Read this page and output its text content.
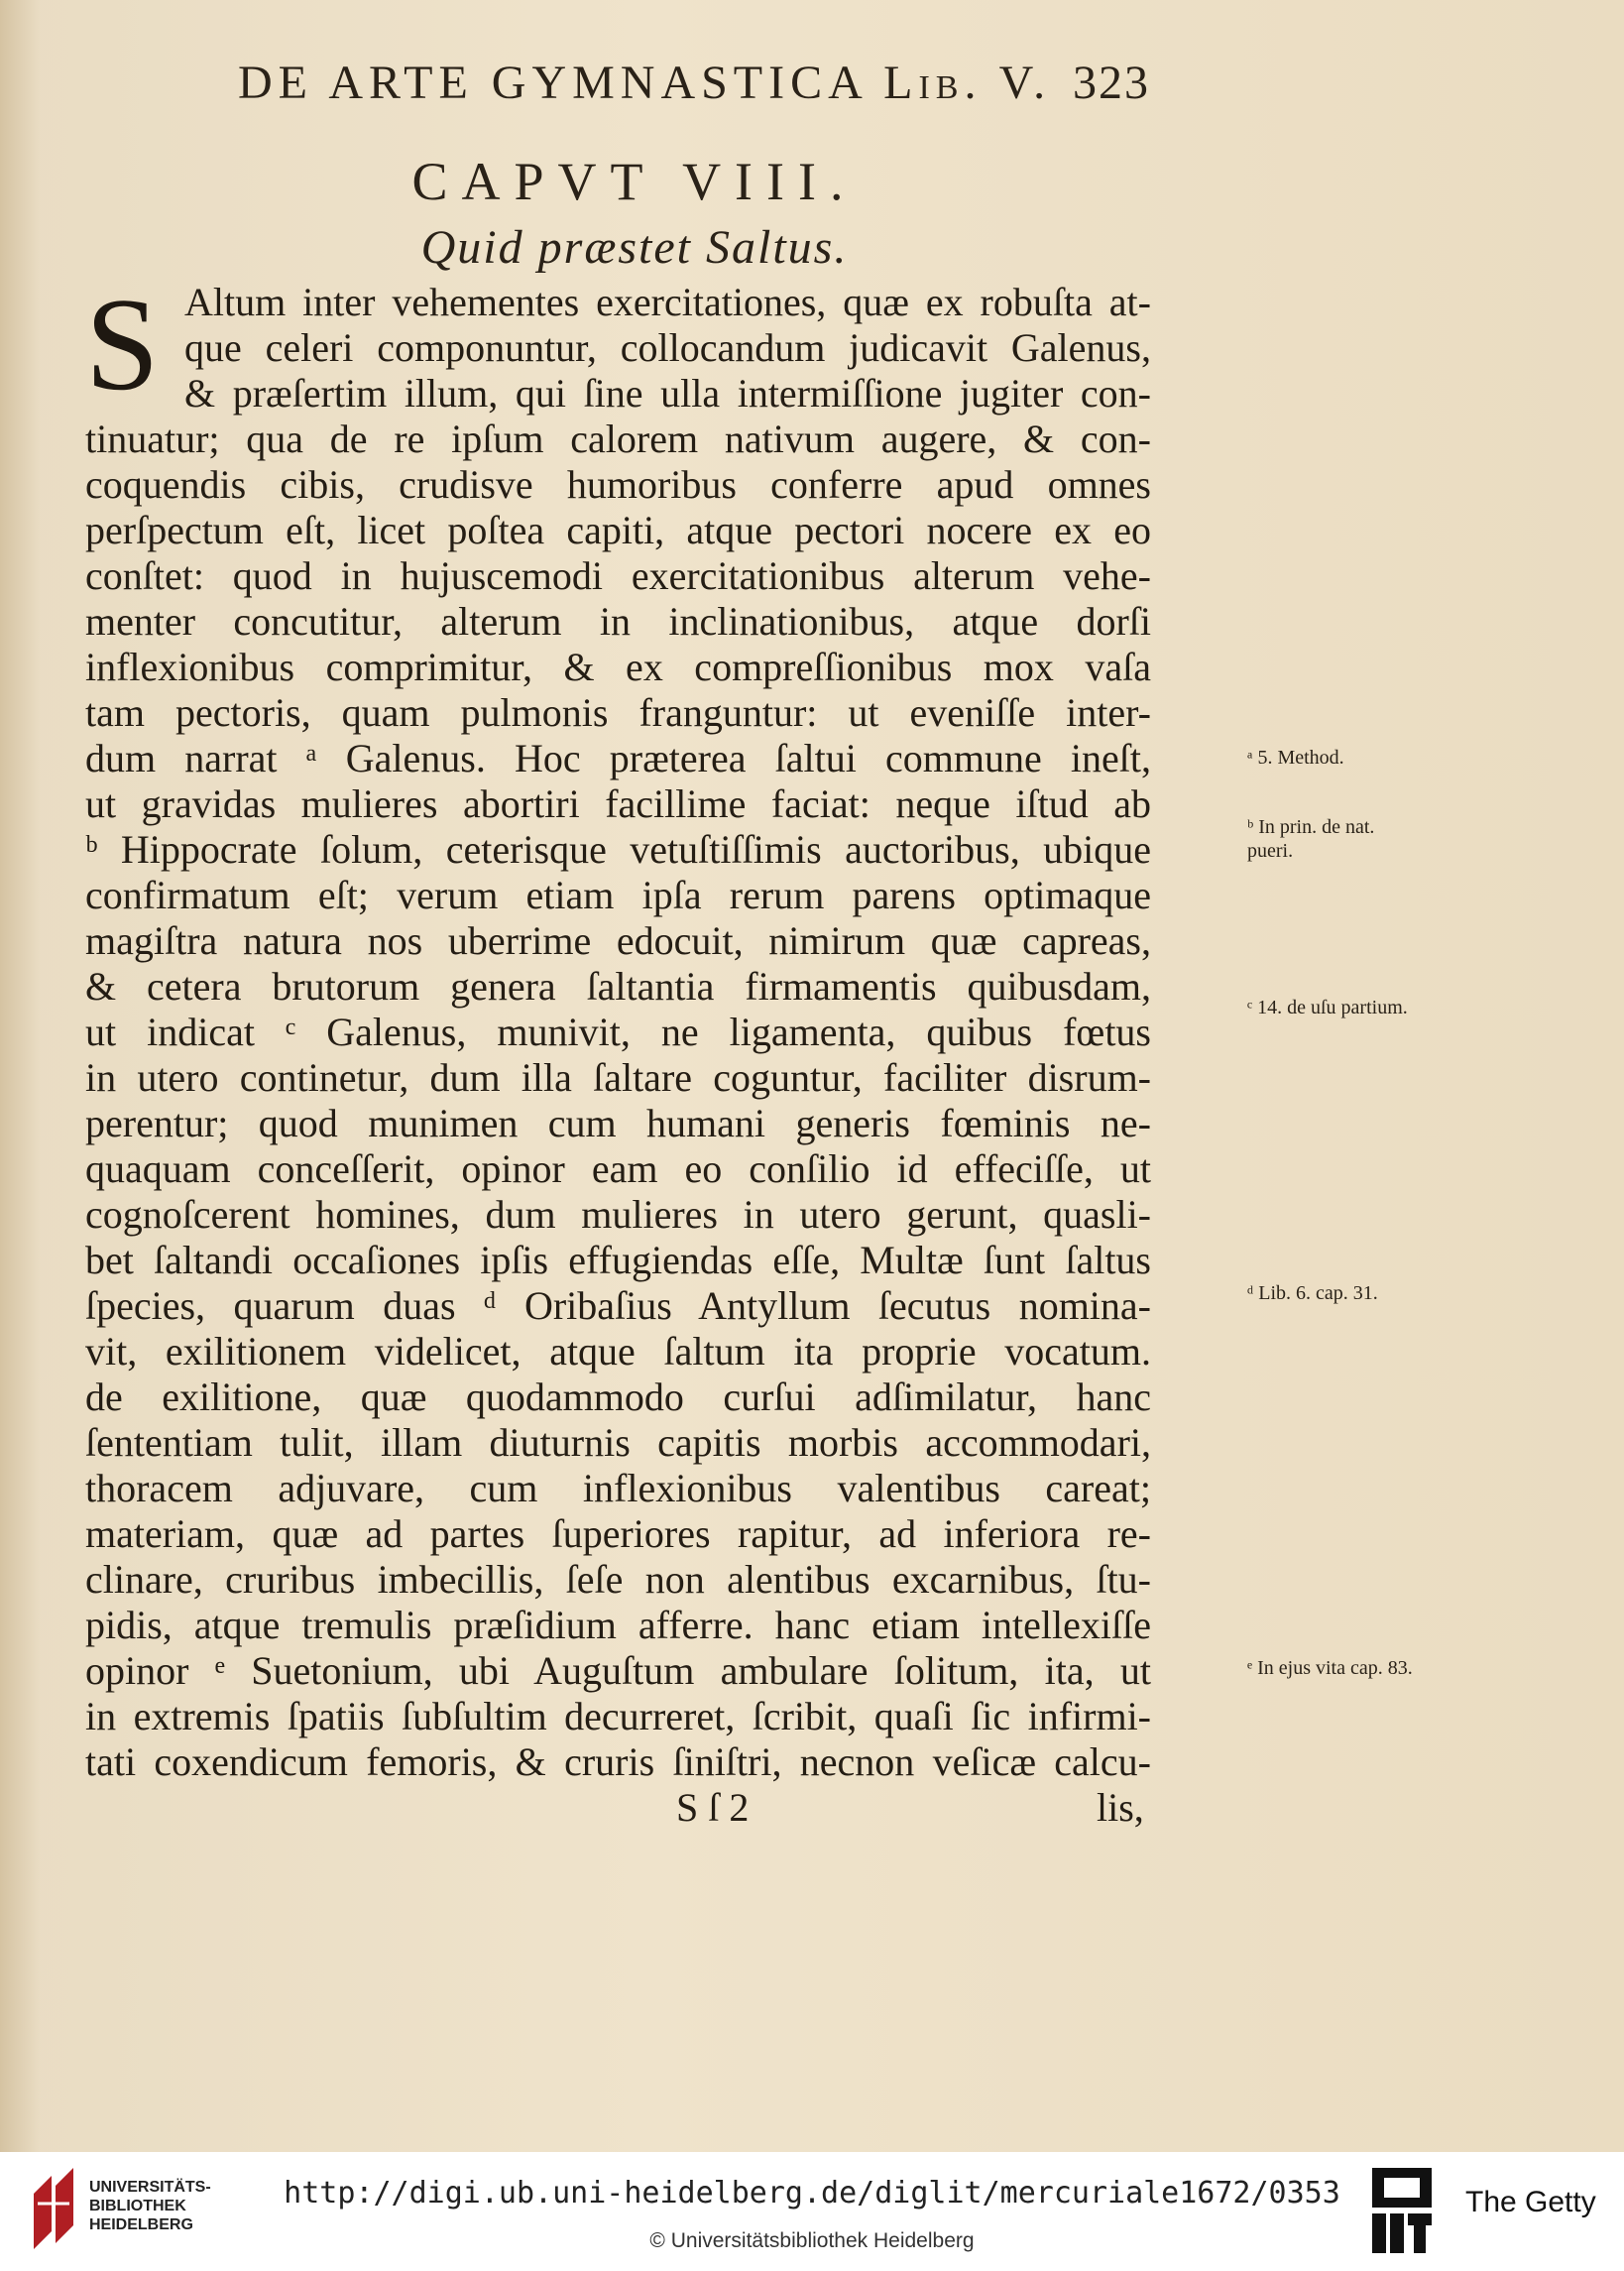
DE ARTE GYMNASTICA Lib. V. 323
CAPVT VIII.
Quid præstet Saltus.
S Altum inter vehementes exercitationes, quæ ex robuſta at-
que celeri componuntur, collocandum judicavit Galenus,
& præſertim illum, qui ſine ulla intermiſſione jugiter con-
tinuatur; qua de re ipſum calorem nativum augere, & con-
coquendis cibis, crudisve humoribus conferre apud omnes
perſpectum eſt, licet poſtea capiti, atque pectori nocere ex eo
conſtet: quod in hujuscemodi exercitationibus alterum vehe-
menter concutitur, alterum in inclinationibus, atque dorſi
inflexionibus comprimitur, & ex compreſſionibus mox vaſa
tam pectoris, quam pulmonis franguntur: ut eveniſſe inter-
dum narrat ᵃ Galenus. Hoc præterea ſaltui commune ineſt,
ut gravidas mulieres abortiri facillime faciat: neque iſtud ab
ᵇ Hippocrate ſolum, ceterisque vetuſtiſſimis auctoribus, ubique
confirmatum eſt; verum etiam ipſa rerum parens optimaque
magiſtra natura nos uberrime edocuit, nimirum quæ capreas,
& cetera brutorum genera ſaltantia firmamentis quibusdam,
ut indicat ᶜ Galenus, munivit, ne ligamenta, quibus fœtus
in utero continetur, dum illa ſaltare coguntur, faciliter disrum-
perentur; quod munimen cum humani generis fœminis ne-
quaquam conceſſerit, opinor eam eo conſilio id effeciſſe, ut
cognoſcerent homines, dum mulieres in utero gerunt, quasli-
bet ſaltandi occaſiones ipſis effugiendas eſſe, Multæ ſunt ſaltus
ſpecies, quarum duas ᵈ Oribaſius Antyllum ſecutus nomina-
vit, exilitionem videlicet, atque ſaltum ita proprie vocatum.
de exilitione, quæ quodammodo curſui adſimilatur, hanc
ſententiam tulit, illam diuturnis capitis morbis accommodari,
thoracem adjuvare, cum inflexionibus valentibus careat;
materiam, quæ ad partes ſuperiores rapitur, ad inferiora re-
clinare, cruribus imbecillis, ſeſe non alentibus excarnibus, ſtu-
pidis, atque tremulis præſidium afferre. hanc etiam intellexiſſe
opinor ᵉ Suetonium, ubi Auguſtum ambulare ſolitum, ita, ut
in extremis ſpatiis ſubſultim decurreret, ſcribit, quaſi ſic infirmi-
tati coxendicum femoris, & cruris ſiniſtri, necnon veſicæ calcu-
S ſ 2	lis,
ᵃ 5. Method.
ᵇ In prin. de nat. pueri.
ᶜ 14. de uſu partium.
ᵈ Lib. 6. cap. 31.
ᵉ In ejus vita cap. 83.
UNIVERSITÄTS-
BIBLIOTHEK
HEIDELBERG
http://digi.ub.uni-heidelberg.de/diglit/mercuriale1672/0353
© Universitätsbibliothek Heidelberg
The Getty
